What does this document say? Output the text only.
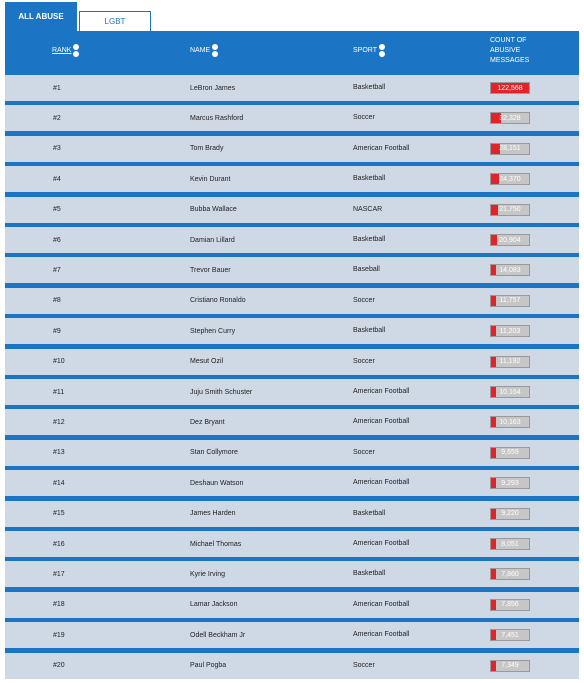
ALL ABUSE
LGBT
RANK	NAME	SPORT
COUNT OF
ABUSIVE
MESSAGES
#1	LeBron James	Basketball	122,568
#2	Marcus Rashford	Soccer	32,328
#3	Tom Brady	American Football	28,151
#4	Kevin Durant	Basketball	24,370
#5	Bubba Wallace	NASCAR	21,750
#6	Damian Lillard	Basketball	20,904
#7	Trevor Bauer	Baseball	14,083
#8	Cristiano Ronaldo	Soccer	11,757
#9	Stephen Curry	Basketball	11,203
#10	Mesut Ozil	Soccer	11,192
#11	Juju Smith Schuster	American Football	10,164
#12	Dez Bryant	American Football	10,163
#13	Stan Collymore	Soccer	9,659
#14	Deshaun Watson	American Football	9,293
#15	James Harden	Basketball	9,220
#16	Michael Thomas	American Football	8,051
#17	Kyrie Irving	Basketball	7,860
#18	Lamar Jackson	American Football	7,856
#19	Odell Beckham Jr	American Football	7,451
#20	Paul Pogba	Soccer	7,349
